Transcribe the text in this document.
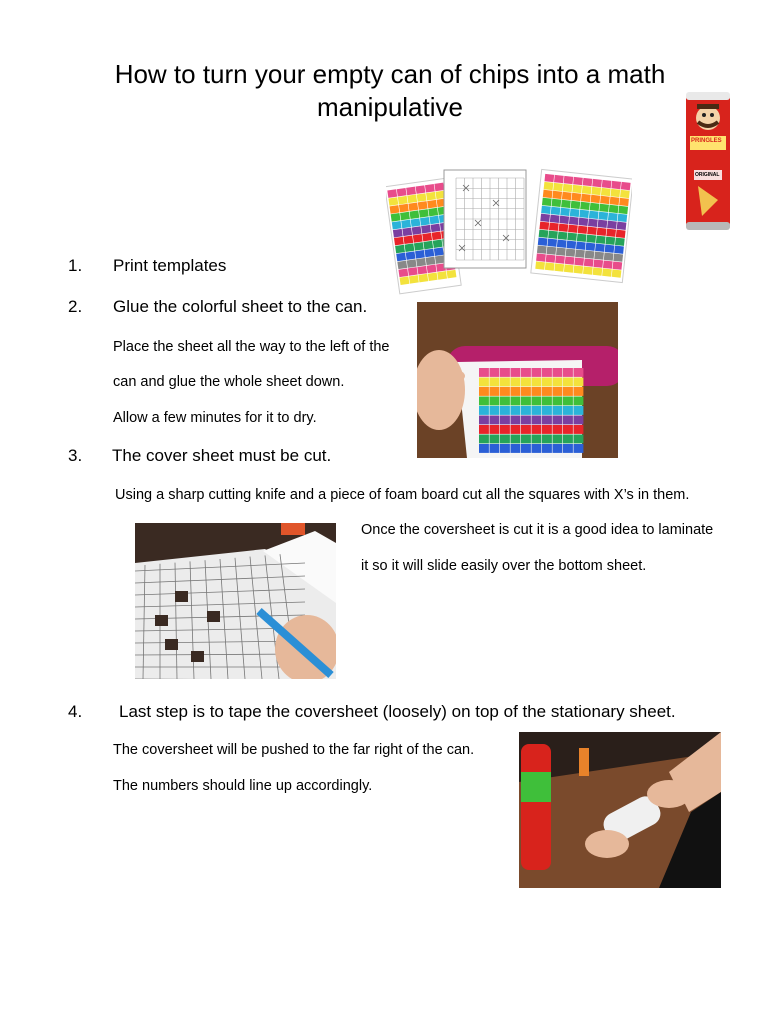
How to turn your empty can of chips into a math manipulative
PRINGLES
ORIGINAL
1. Print templates
2. Glue the colorful sheet to the can.
Place the sheet all the way to the left of the
can and glue the whole sheet down.
Allow a few minutes for it to dry.
3. The cover sheet must be cut.
Using a sharp cutting knife and a piece of foam board cut all the squares with X’s in them.
Once the coversheet is cut it is a good idea to laminate
it so it will slide easily over the bottom sheet.
4. Last step is to tape the coversheet (loosely) on top of the stationary sheet.
The coversheet will be pushed to the far right of the can.
The numbers should line up accordingly.
